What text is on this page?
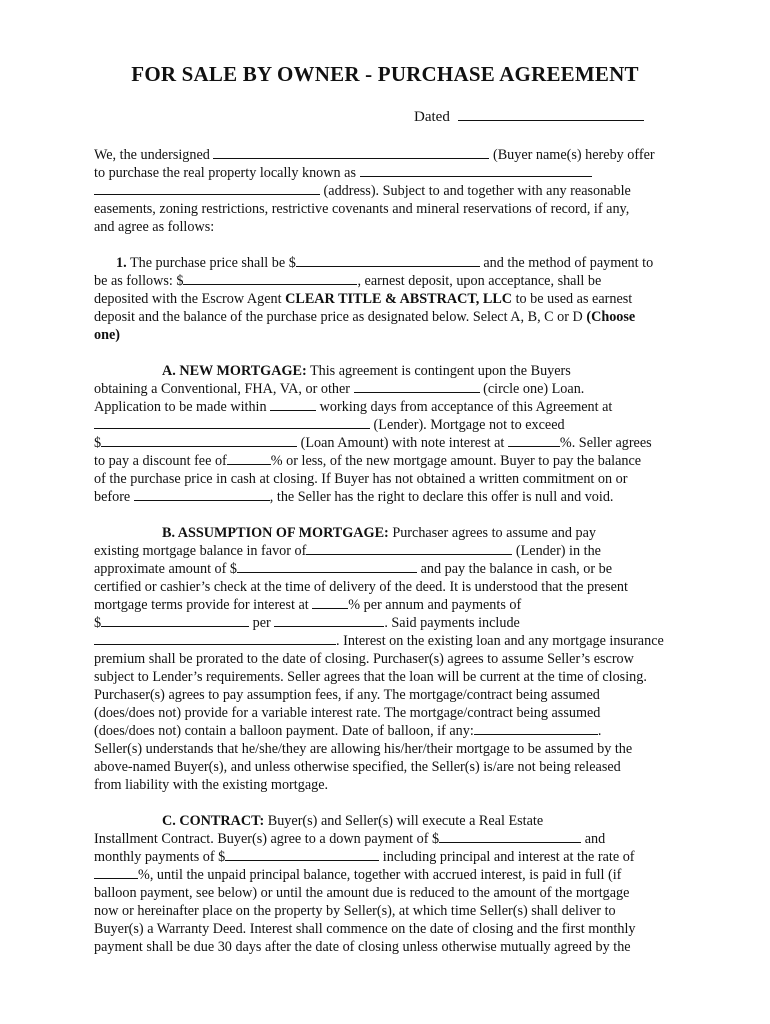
FOR SALE BY OWNER - PURCHASE AGREEMENT
Dated
We, the undersigned	(Buyer name(s) hereby offer
to purchase the real property locally known as
(address). Subject to and together with any reasonable
easements, zoning restrictions, restrictive covenants and mineral reservations of record, if any,
and agree as follows:
1. The purchase price shall be $	and the method of payment to
be as follows: $	, earnest deposit, upon acceptance, shall be
deposited with the Escrow Agent CLEAR TITLE & ABSTRACT, LLC to be used as earnest
deposit and the balance of the purchase price as designated below. Select A, B, C or D (Choose
one)
A. NEW MORTGAGE: This agreement is contingent upon the Buyers
obtaining a Conventional, FHA, VA, or other	(circle one) Loan.
Application to be made within	working days from acceptance of this Agreement at
(Lender). Mortgage not to exceed
$	(Loan Amount) with note interest at	%. Seller agrees
to pay a discount fee of	% or less, of the new mortgage amount. Buyer to pay the balance
of the purchase price in cash at closing. If Buyer has not obtained a written commitment on or
before	, the Seller has the right to declare this offer is null and void.
B. ASSUMPTION OF MORTGAGE: Purchaser agrees to assume and pay
existing mortgage balance in favor of	(Lender) in the
approximate amount of $	and pay the balance in cash, or be
certified or cashier’s check at the time of delivery of the deed. It is understood that the present
mortgage terms provide for interest at	% per annum and payments of
$	per	. Said payments include
. Interest on the existing loan and any mortgage insurance
premium shall be prorated to the date of closing. Purchaser(s) agrees to assume Seller’s escrow
subject to Lender’s requirements. Seller agrees that the loan will be current at the time of closing.
Purchaser(s) agrees to pay assumption fees, if any. The mortgage/contract being assumed
(does/does not) provide for a variable interest rate. The mortgage/contract being assumed
(does/does not) contain a balloon payment. Date of balloon, if any:	.
Seller(s) understands that he/she/they are allowing his/her/their mortgage to be assumed by the
above-named Buyer(s), and unless otherwise specified, the Seller(s) is/are not being released
from liability with the existing mortgage.
C. CONTRACT: Buyer(s) and Seller(s) will execute a Real Estate
Installment Contract. Buyer(s) agree to a down payment of $	and
monthly payments of $	including principal and interest at the rate of
%, until the unpaid principal balance, together with accrued interest, is paid in full (if
balloon payment, see below) or until the amount due is reduced to the amount of the mortgage
now or hereinafter place on the property by Seller(s), at which time Seller(s) shall deliver to
Buyer(s) a Warranty Deed. Interest shall commence on the date of closing and the first monthly
payment shall be due 30 days after the date of closing unless otherwise mutually agreed by the
